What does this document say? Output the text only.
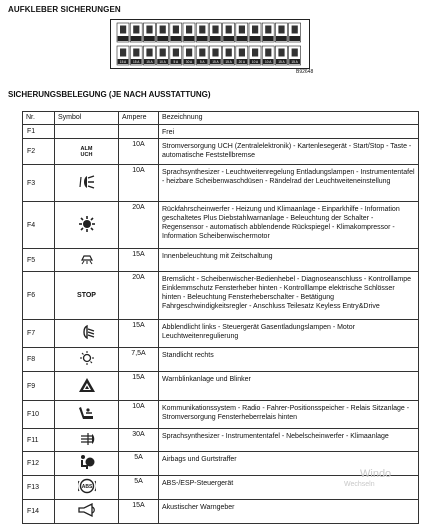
AUFKLEBER SICHERUNGEN
15 A 15 A 15 A 10 A 5 A 30 A 5 A 15 A 15 A 20 A 10 A 10 A 15 A 15 A
B92648
SICHERUNGSBELEGUNG (JE NACH AUSSTATTUNG)
Nr.	Symbol	Ampere	Bezeichnung
F1			Frei
F2	ALM UCH	10A	Stromversorgung UCH (Zentralelektronik) - Kartenlesegerät - Start/Stop - Taste - automatische Feststellbremse
F3		10A	Sprachsynthesizer - Leuchtweitenregelung Entladungslampen - Instrumententafel - heizbare Scheibenwaschdüsen - Rändelrad der Leuchtweiteneinstellung
F4		20A	Rückfahrscheinwerfer - Heizung und Klimaanlage - Einparkhilfe - Information geschaltetes Plus Diebstahlwarnanlage - Beleuchtung der Schalter - Regensensor - automatisch abblendende Rückspiegel - Klimakompressor - Information Scheibenwischermotor
F5		15A	Innenbeleuchtung mit Zeitschaltung
F6	STOP	20A	Bremslicht - Scheibenwischer-Bedienhebel - Diagnoseanschluss - Kontrolllampe Einklemmschutz Fensterheber hinten - Kontrolllampe elektrische Schlösser hinten - Beleuchtung Fensterheberschalter - Betätigung Fahrgeschwindigkeitsregler - Anschluss Teilesatz Keyless Entry&Drive
F7		15A	Abblendlicht links - Steuergerät Gasentladungslampen - Motor Leuchtweitenregulierung
F8		7,5A	Standlicht rechts
F9		15A	Warnblinkanlage und Blinker
F10		10A	Kommunikationssystem - Radio - Fahrer-Positionsspeicher - Relais Sitzanlage - Stromversorgung Fensterheberrelais hinten
F11		30A	Sprachsynthesizer - Instrumententafel - Nebelscheinwerfer - Klimaanlage
F12		5A	Airbags und Gurtstraffer
F13	ABS	5A	ABS-/ESP-Steuergerät
F14		15A	Akustischer Warngeber
Windo
Wechseln
